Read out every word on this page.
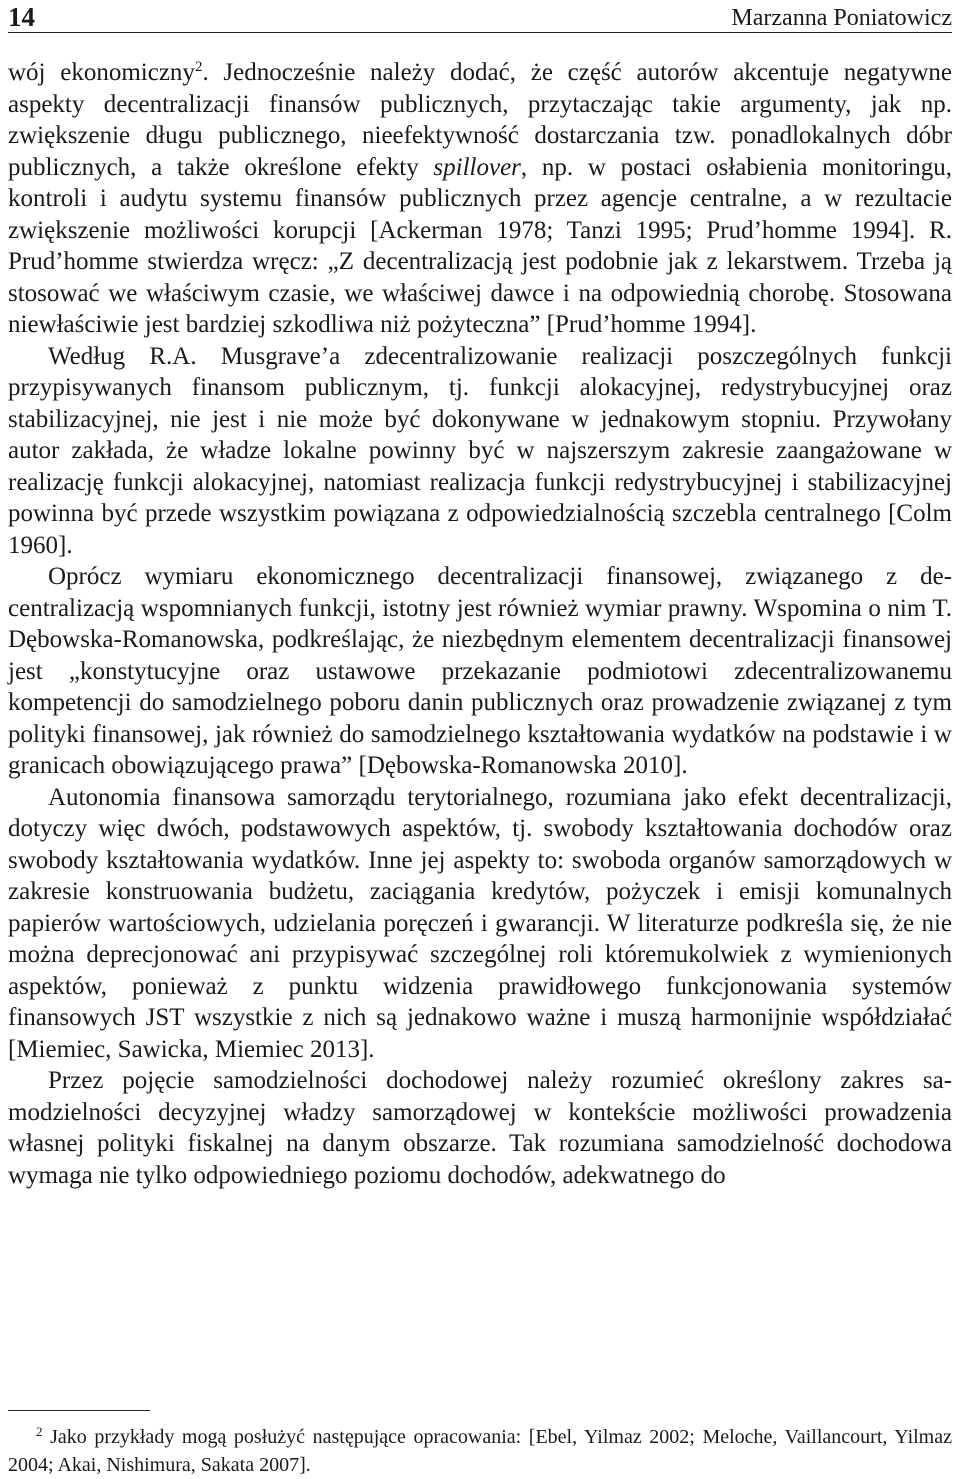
14	Marzanna Poniatowicz

wój ekonomiczny$^2$. Jednocześnie należy dodać, że część autorów akcentuje negatywne aspekty decentralizacji finansów publicznych, przytaczając takie argumenty, jak np. zwiększenie długu publicznego, nieefektywność dostarczania tzw. ponadlokalnych dóbr publicznych, a także określone efekty spillover, np. w postaci osłabienia monitoringu, kontroli i audytu systemu finansów publicznych przez agencje centralne, a w rezultacie zwiększenie możliwości korupcji [Ackerman 1978; Tanzi 1995; Prud’homme 1994]. R. Prud’homme stwierdza wręcz: „Z decentralizacją jest podobnie jak z lekarstwem. Trzeba ją stosować we właściwym czasie, we właściwej dawce i na odpowiednią chorobę. Stosowana niewłaściwie jest bardziej szkodliwa niż pożyteczna” [Prud’homme 1994].

Według R.A. Musgrave’a zdecentralizowanie realizacji poszczególnych funkcji przypisywanych finansom publicznym, tj. funkcji alokacyjnej, redystrybucyjnej oraz stabilizacyjnej, nie jest i nie może być dokonywane w jednakowym stopniu. Przywołany autor zakłada, że władze lokalne powinny być w najszerszym zakresie zaangażowane w realizację funkcji alokacyjnej, natomiast realizacja funkcji redystrybucyjnej i stabilizacyjnej powinna być przede wszystkim powiązana z odpowiedzialnością szczebla centralnego [Colm 1960].

Oprócz wymiaru ekonomicznego decentralizacji finansowej, związanego z decentralizacją wspomnianych funkcji, istotny jest również wymiar prawny. Wspomina o nim T. Dębowska-Romanowska, podkreślając, że niezbędnym elementem decentralizacji finansowej jest „konstytucyjne oraz ustawowe przekazanie podmiotowi zdecentralizowanemu kompetencji do samodzielnego poboru danin publicznych oraz prowadzenie związanej z tym polityki finansowej, jak również do samodzielnego kształtowania wydatków na podstawie i w granicach obowiązującego prawa” [Dębowska-Romanowska 2010].

Autonomia finansowa samorządu terytorialnego, rozumiana jako efekt decentralizacji, dotyczy więc dwóch, podstawowych aspektów, tj. swobody kształtowania dochodów oraz swobody kształtowania wydatków. Inne jej aspekty to: swoboda organów samorządowych w zakresie konstruowania budżetu, zaciągania kredytów, pożyczek i emisji komunalnych papierów wartościowych, udzielania poręczeń i gwarancji. W literaturze podkreśla się, że nie można deprecjonować ani przypisywać szczególnej roli któremukolwiek z wymienionych aspektów, ponieważ z punktu widzenia prawidłowego funkcjonowania systemów finansowych JST wszystkie z nich są jednakowo ważne i muszą harmonijnie współdziałać [Miemiec, Sawicka, Miemiec 2013].

Przez pojęcie samodzielności dochodowej należy rozumieć określony zakres samodzielności decyzyjnej władzy samorządowej w kontekście możliwości prowadzenia własnej polityki fiskalnej na danym obszarze. Tak rozumiana samodzielność dochodowa wymaga nie tylko odpowiedniego poziomu dochodów, adekwatnego do

$^2$ Jako przykłady mogą posłużyć następujące opracowania: [Ebel, Yilmaz 2002; Meloche, Vaillancourt, Yilmaz 2004; Akai, Nishimura, Sakata 2007].
